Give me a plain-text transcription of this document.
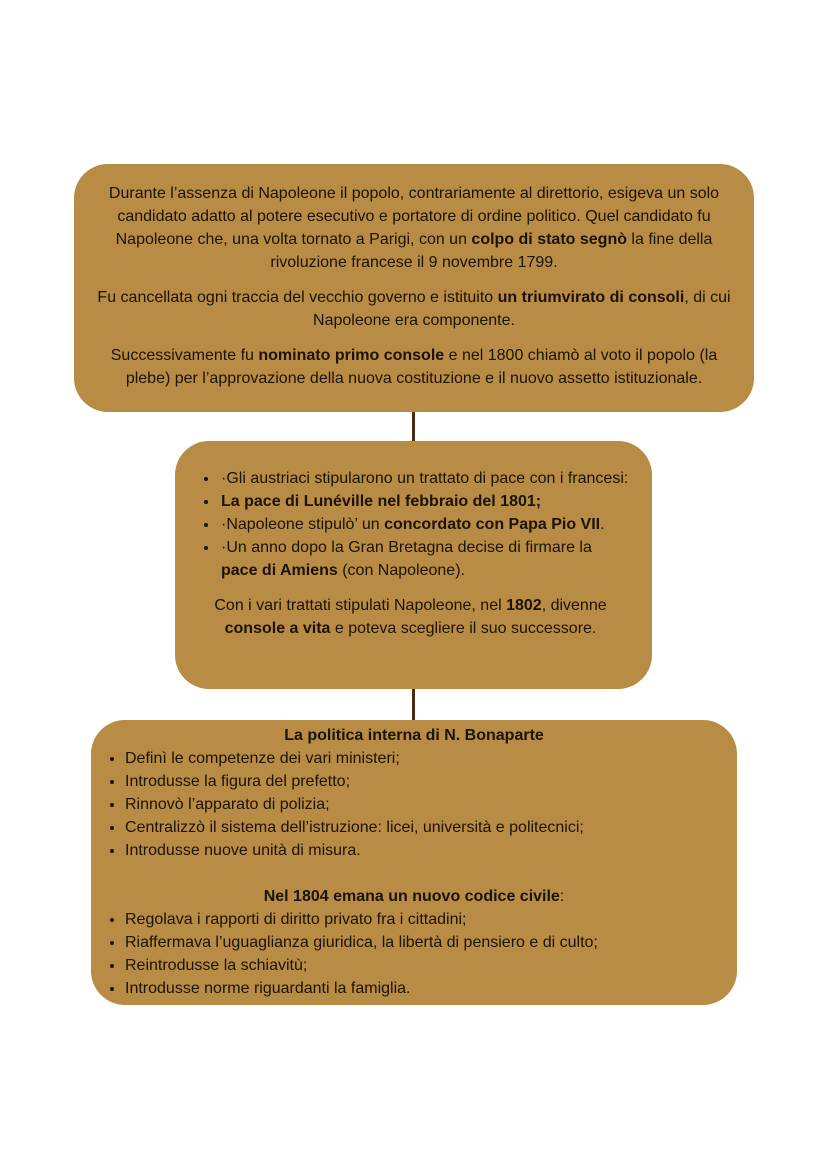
Durante l’assenza di Napoleone il popolo, contrariamente al direttorio, esigeva un solo candidato adatto al potere esecutivo e portatore di ordine politico. Quel candidato fu Napoleone che, una volta tornato a Parigi, con un colpo di stato segnò la fine della rivoluzione francese il 9 novembre 1799.

Fu cancellata ogni traccia del vecchio governo e istituito un triumvirato di consoli, di cui Napoleone era componente.

Successivamente fu nominato primo console e nel 1800 chiamò al voto il popolo (la plebe) per l’approvazione della nuova costituzione e il nuovo assetto istituzionale.

• ·Gli austriaci stipularono un trattato di pace con i francesi:
• La pace di Lunéville nel febbraio del 1801;
• ·Napoleone stipulò’ un concordato con Papa Pio VII.
• ·Un anno dopo la Gran Bretagna decise di firmare la pace di Amiens (con Napoleone).

Con i vari trattati stipulati Napoleone, nel 1802, divenne console a vita e poteva scegliere il suo successore.

La politica interna di N. Bonaparte

• Definì le competenze dei vari ministeri;
• Introdusse la figura del prefetto;
• Rinnovò l’apparato di polizia;
• Centralizzò il sistema dell’istruzione: licei, università e politecnici;
• Introdusse nuove unità di misura.

Nel 1804 emana un nuovo codice civile:

• Regolava i rapporti di diritto privato fra i cittadini;
• Riaffermava l’uguaglianza giuridica, la libertà di pensiero e di culto;
• Reintrodusse la schiavitù;
• Introdusse norme riguardanti la famiglia.
